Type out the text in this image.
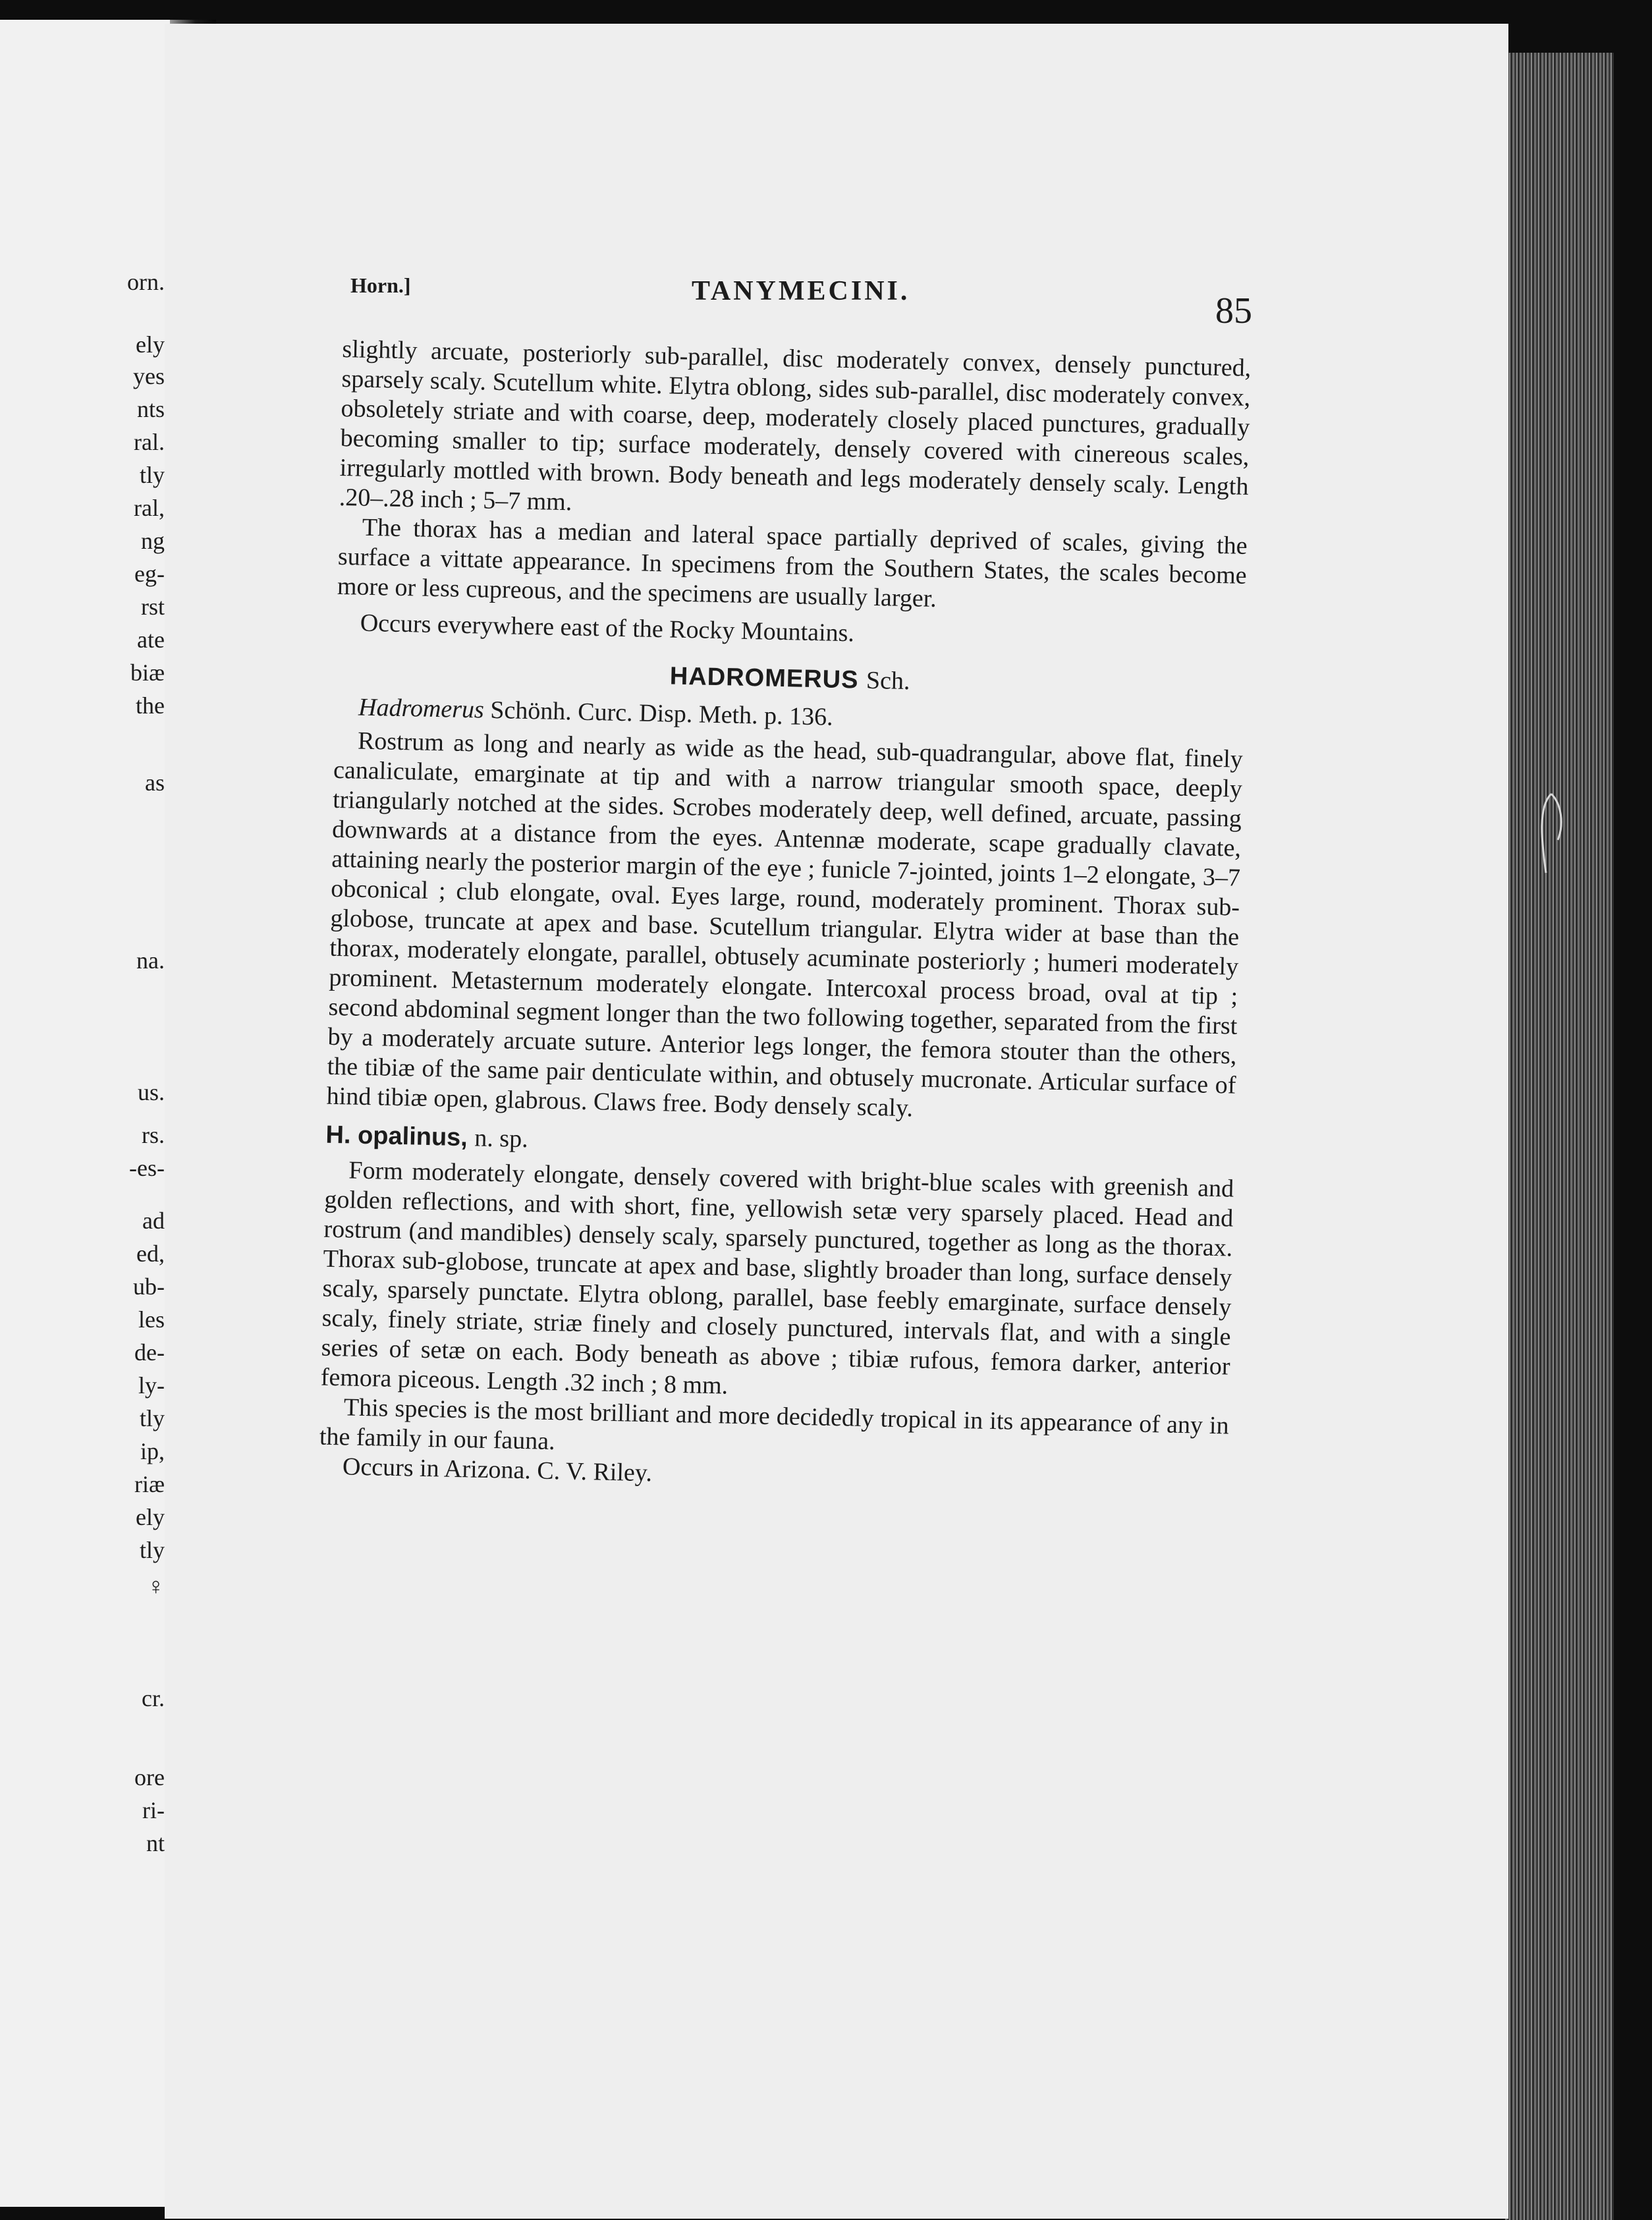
orn.
ely
yes
nts
ral.
tly
ral,
ng
eg-
rst
ate
biæ
the
as
na.
us.
rs.
-es-
ad
ed,
ub-
les
de-
ly-
tly
ip,
riæ
ely
tly
♀
cr.
ore
ri-
nt
Horn.]	TANYMECINI.	85

slightly arcuate, posteriorly sub-parallel, disc moderately convex, densely punctured, sparsely scaly. Scutellum white. Elytra oblong, sides sub-parallel, disc moderately convex, obsoletely striate and with coarse, deep, moderately closely placed punctures, gradually becoming smaller to tip; surface moderately, densely covered with cinereous scales, irregularly mottled with brown. Body beneath and legs moderately densely scaly. Length .20–.28 inch ; 5–7 mm.

The thorax has a median and lateral space partially deprived of scales, giving the surface a vittate appearance. In specimens from the Southern States, the scales become more or less cupreous, and the specimens are usually larger.

Occurs everywhere east of the Rocky Mountains.

HADROMERUS Sch.

Hadromerus Schönh. Curc. Disp. Meth. p. 136.

Rostrum as long and nearly as wide as the head, sub-quadrangular, above flat, finely canaliculate, emarginate at tip and with a narrow triangular smooth space, deeply triangularly notched at the sides. Scrobes moderately deep, well defined, arcuate, passing downwards at a distance from the eyes. Antennæ moderate, scape gradually clavate, attaining nearly the posterior margin of the eye ; funicle 7-jointed, joints 1–2 elongate, 3–7 obconical ; club elongate, oval. Eyes large, round, moderately prominent. Thorax sub-globose, truncate at apex and base. Scutellum triangular. Elytra wider at base than the thorax, moderately elongate, parallel, obtusely acuminate posteriorly ; humeri moderately prominent. Metasternum moderately elongate. Intercoxal process broad, oval at tip ; second abdominal segment longer than the two following together, separated from the first by a moderately arcuate suture. Anterior legs longer, the femora stouter than the others, the tibiæ of the same pair denticulate within, and obtusely mucronate. Articular surface of hind tibiæ open, glabrous. Claws free. Body densely scaly.

H. opalinus, n. sp.

Form moderately elongate, densely covered with bright-blue scales with greenish and golden reflections, and with short, fine, yellowish setæ very sparsely placed. Head and rostrum (and mandibles) densely scaly, sparsely punctured, together as long as the thorax. Thorax sub-globose, truncate at apex and base, slightly broader than long, surface densely scaly, sparsely punctate. Elytra oblong, parallel, base feebly emarginate, surface densely scaly, finely striate, striæ finely and closely punctured, intervals flat, and with a single series of setæ on each. Body beneath as above ; tibiæ rufous, femora darker, anterior femora piceous. Length .32 inch ; 8 mm.

This species is the most brilliant and more decidedly tropical in its appearance of any in the family in our fauna.

Occurs in Arizona. C. V. Riley.
